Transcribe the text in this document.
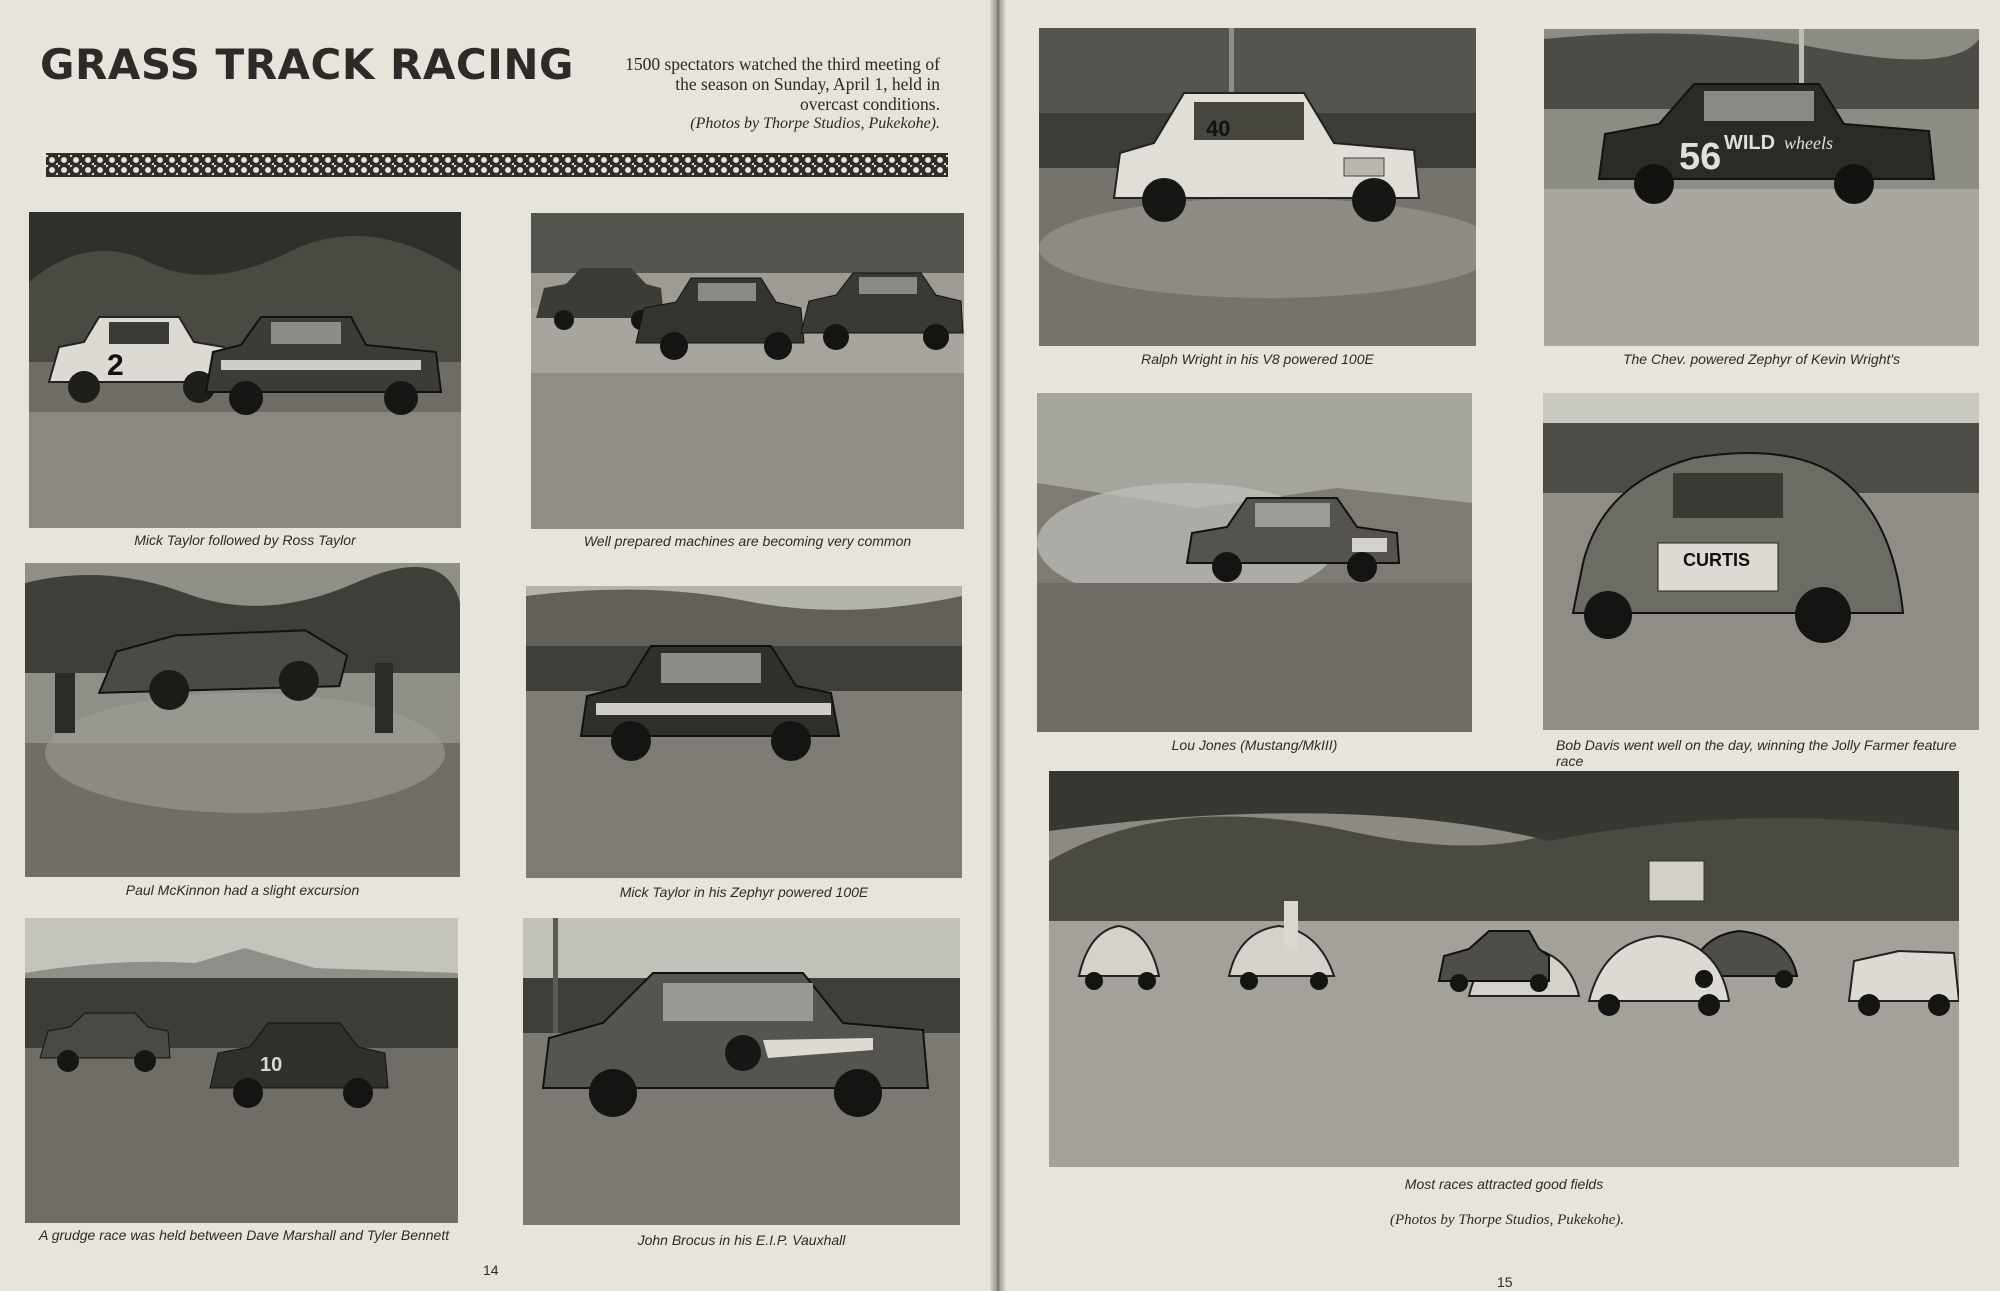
GRASS TRACK RACING	1500 spectators watched the third meeting of the season on Sunday, April 1, held in overcast conditions.
(Photos by Thorpe Studios, Pukekohe).

2

Mick Taylor followed by Ross Taylor	Well prepared machines are becoming very common

Paul McKinnon had a slight excursion	Mick Taylor in his Zephyr powered 100E

10

A grudge race was held between Dave Marshall and Tyler Bennett	John Brocus in his E.I.P. Vauxhall

14

40

Ralph Wright in his V8 powered 100E

56 WILD wheels

The Chev. powered Zephyr of Kevin Wright's

Lou Jones (Mustang/MkIII)

CURTIS

Bob Davis went well on the day, winning the Jolly Farmer feature race

Most races attracted good fields

(Photos by Thorpe Studios, Pukekohe).

15
